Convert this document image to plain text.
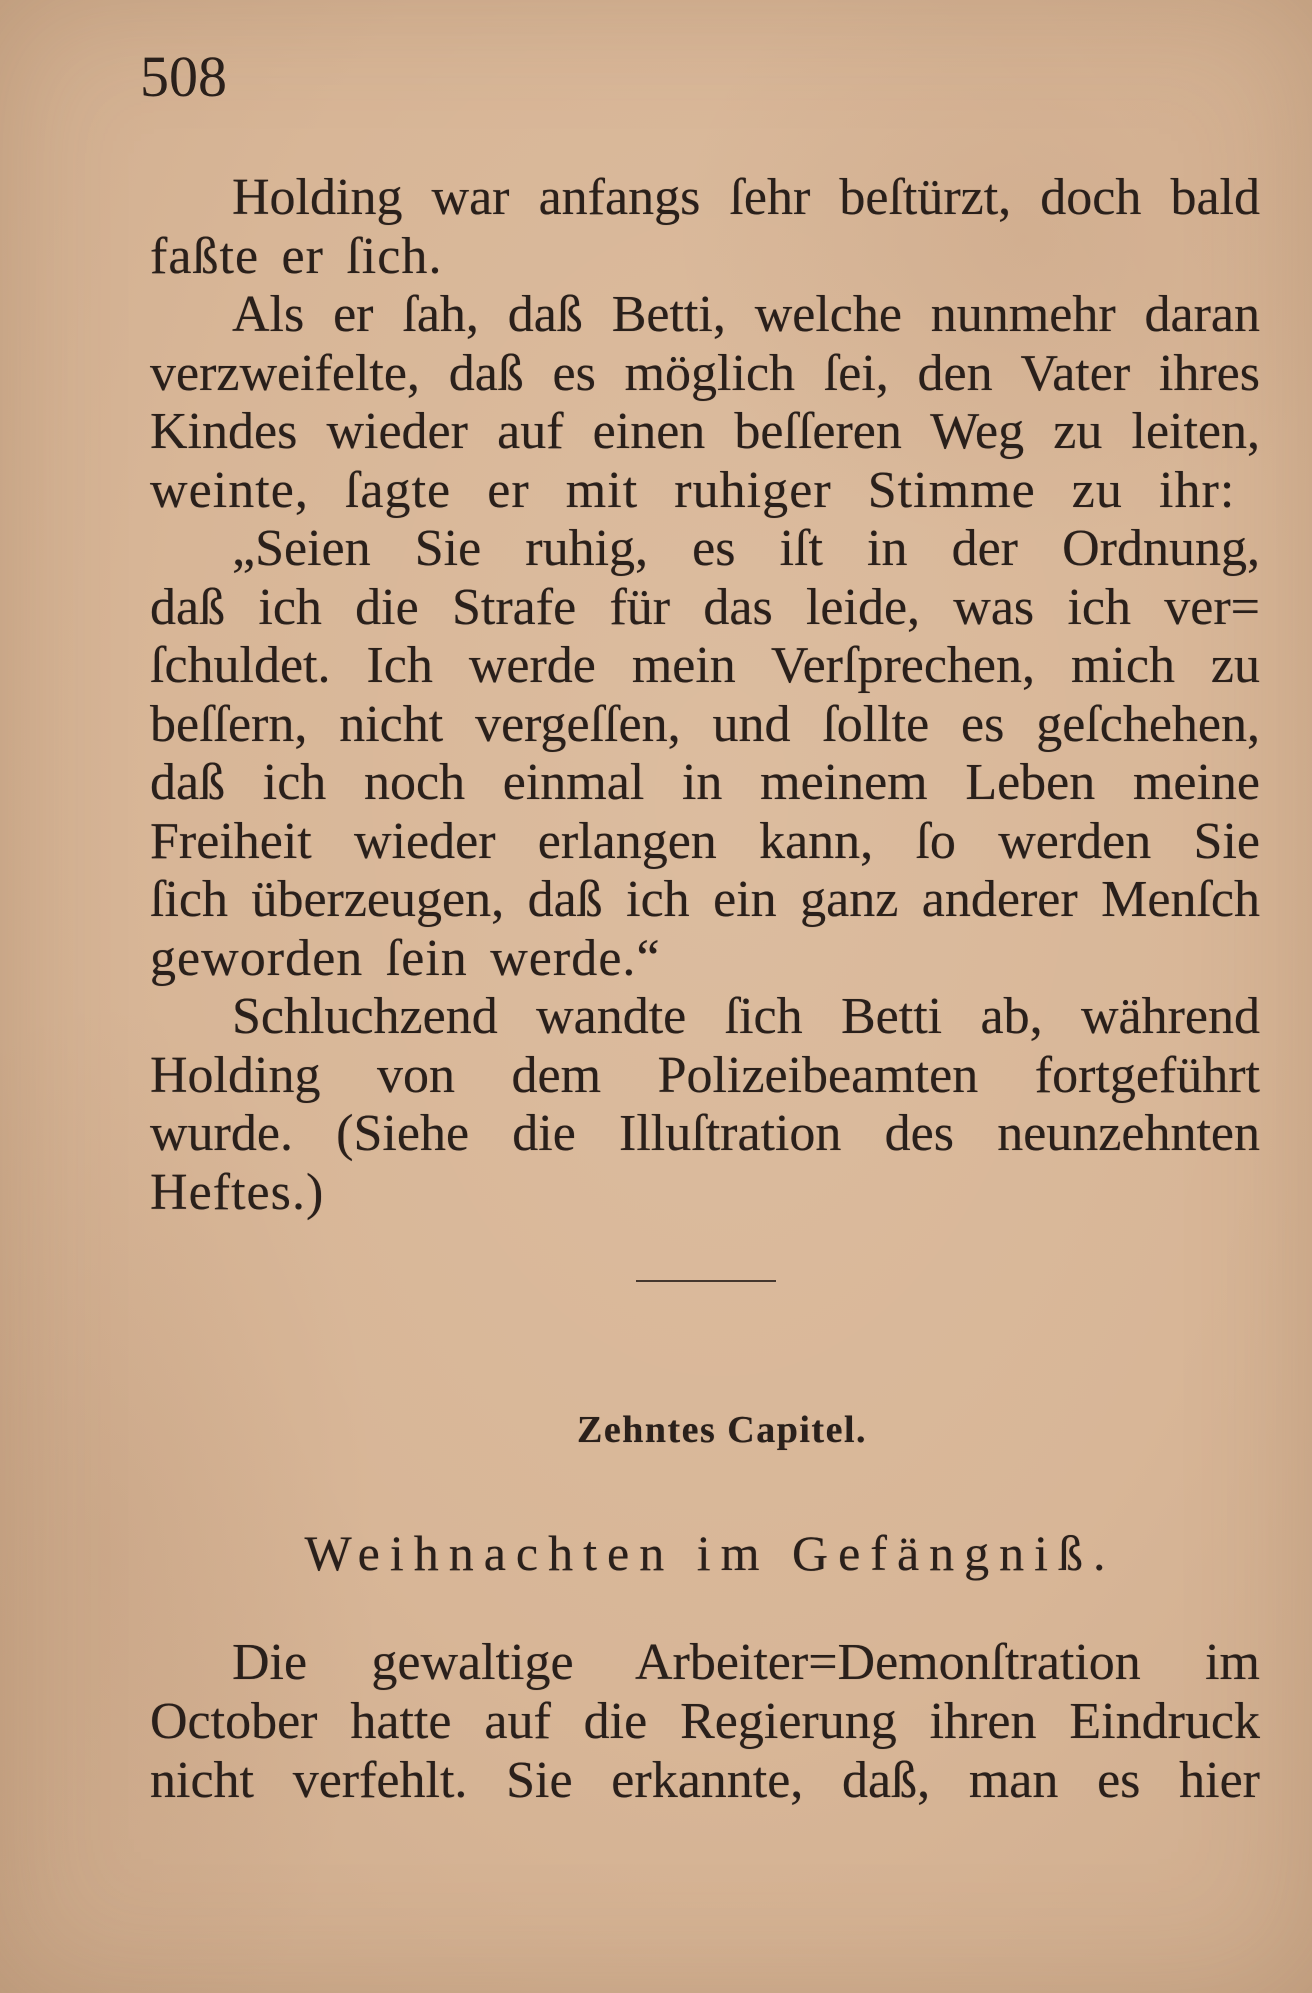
508
Holding war anfangs ſehr beſtürzt, doch bald
faßte er ſich.
Als er ſah, daß Betti, welche nunmehr daran
verzweifelte, daß es möglich ſei, den Vater ihres
Kindes wieder auf einen beſſeren Weg zu leiten,
weinte, ſagte er mit ruhiger Stimme zu ihr:
„Seien Sie ruhig, es iſt in der Ordnung,
daß ich die Strafe für das leide, was ich ver=
ſchuldet. Ich werde mein Verſprechen, mich zu
beſſern, nicht vergeſſen, und ſollte es geſchehen,
daß ich noch einmal in meinem Leben meine
Freiheit wieder erlangen kann, ſo werden Sie
ſich überzeugen, daß ich ein ganz anderer Menſch
geworden ſein werde.“
Schluchzend wandte ſich Betti ab, während
Holding von dem Polizeibeamten fortgeführt
wurde. (Siehe die Illuſtration des neunzehnten
Heftes.)
Zehntes Capitel.
Weihnachten im Gefängniß.
Die gewaltige Arbeiter=Demonſtration im
October hatte auf die Regierung ihren Eindruck
nicht verfehlt. Sie erkannte, daß, man es hier
